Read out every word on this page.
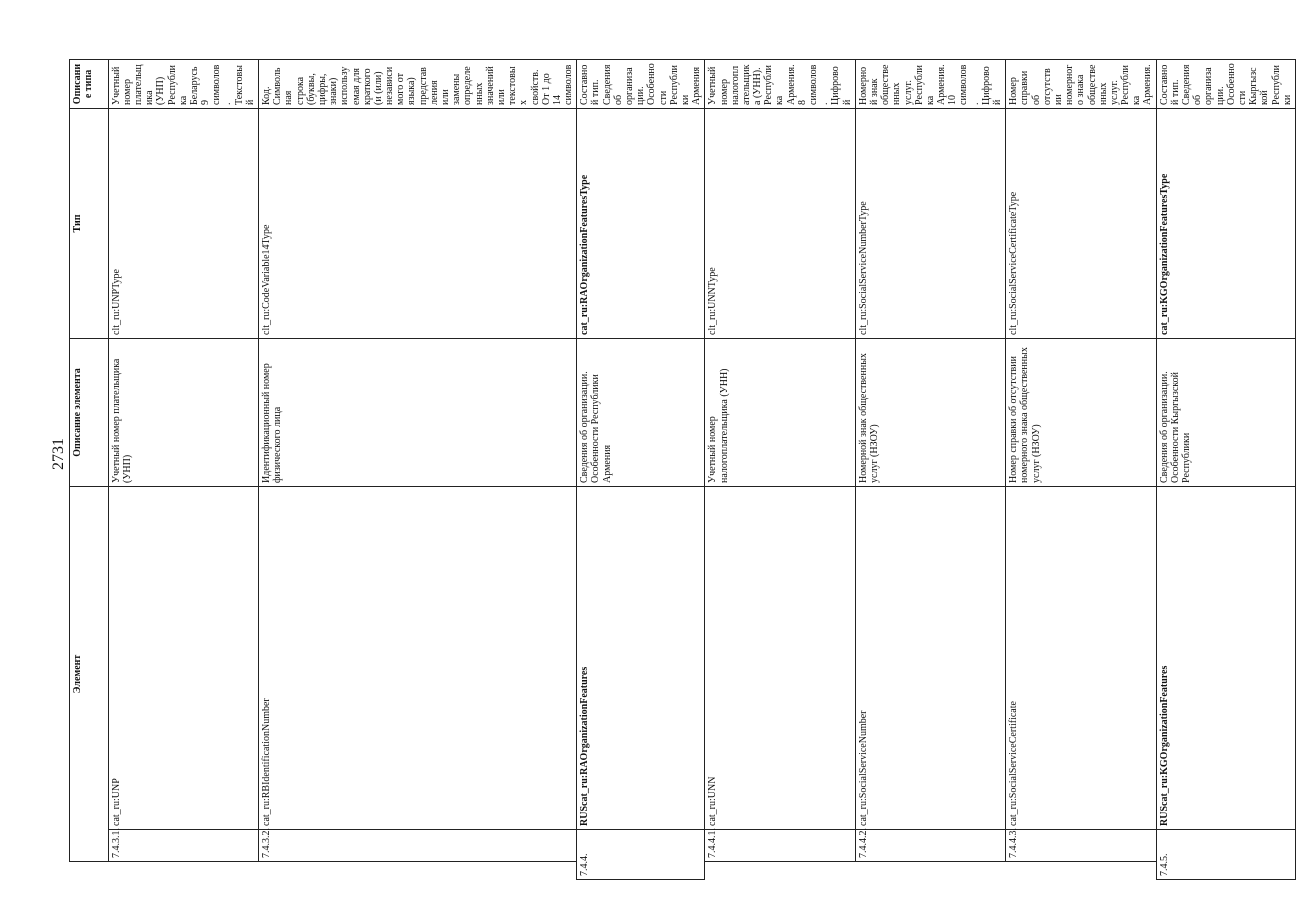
2731
	Элемент		Описание элемента	Тип	Описание типа	
	7.4.3.1.	cat_ru:UNP	Учетный номер плательщика (УНП)	clt_ru:UNPType	Учетный номер плательщика (УНП) Республика Беларусь 9 символов. Текстовый	
	7.4.3.2.	cat_ru:RBIdentificationNumber	Идентификационный номер физического лица	clt_ru:CodeVariable14Type	Код. Символьная строка (буквы, цифры, знаки) используемая для краткого (и (или) независимого от языка) представления или замены определенных значений или текстовых свойств. От 1 до 14 символов	
7.4.4.		RUScat_ru:RAOrganizationFeatures	Сведения об организации. Особенности Республики Армения	cat_ru:RAOrganizationFeaturesType	Составной тип. Сведения об организации. Особенности Республики Армения	
	7.4.4.1.	cat_ru:UNN	Учетный номер налогоплательщика (УНН)	clt_ru:UNNType	Учетный номер налогоплательщика (УНН). Республика Армения. 8 символов. Цифровой	
	7.4.4.2.	cat_ru:SocialServiceNumber	Номерной знак общественных услуг (НЗОУ)	clt_ru:SocialServiceNumberType	Номерной знак общественных услуг. Республика Армения. 10 символов. Цифровой	
	7.4.4.3.	cat_ru:SocialServiceCertificate	Номер справки об отсутствии номерного знака общественных услуг (НЗОУ)	clt_ru:SocialServiceCertificateType	Номер справки об отсутствии номерного знака общественных услуг. Республика Армения.	
7.4.5.		RUScat_ru:KGOrganizationFeatures	Сведения об организации. Особенности Кыргызской Республики	cat_ru:KGOrganizationFeaturesType	Составной тип. Сведения об организации. Особенности Кыргызской Республики	
